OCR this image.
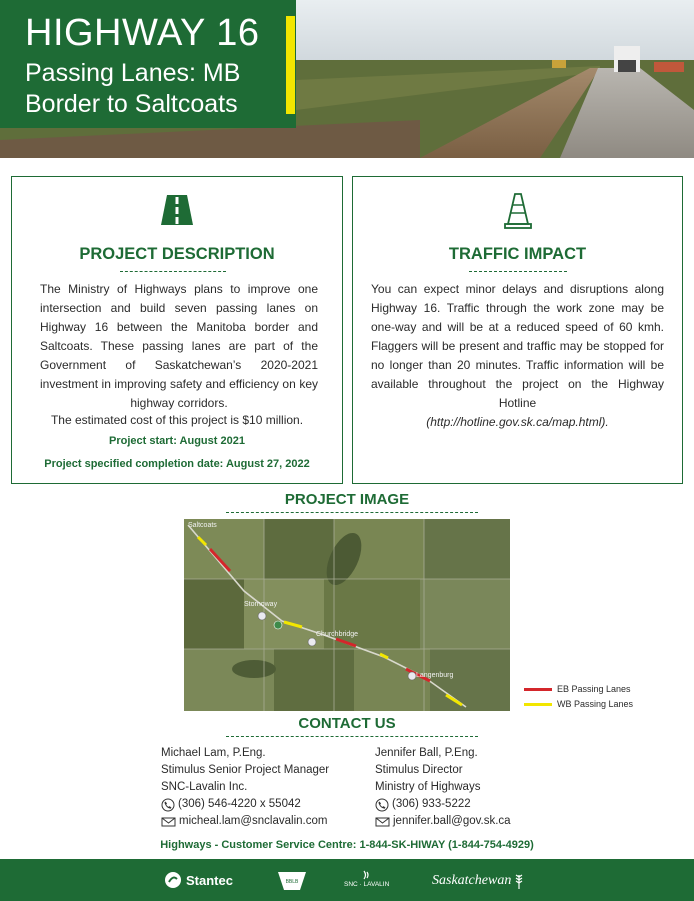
HIGHWAY 16
Passing Lanes: MB Border to Saltcoats
PROJECT DESCRIPTION
The Ministry of Highways plans to improve one intersection and build seven passing lanes on Highway 16 between the Manitoba border and Saltcoats. These passing lanes are part of the Government of Saskatchewan’s 2020-2021 investment in improving safety and efficiency on key highway corridors.
The estimated cost of this project is $10 million.
Project start: August 2021
Project specified completion date: August 27, 2022
TRAFFIC IMPACT
You can expect minor delays and disruptions along Highway 16. Traffic through the work zone may be one-way and will be at a reduced speed of 60 kmh. Flaggers will be present and traffic may be stopped for no longer than 20 minutes. Traffic information will be available throughout the project on the Highway Hotline
(http://hotline.gov.sk.ca/map.html).
PROJECT IMAGE
Saltcoats
Stornoway
Churchbridge
Langenburg
EB Passing Lanes
WB Passing Lanes
CONTACT US
Michael Lam, P.Eng.
Stimulus Senior Project Manager
SNC-Lavalin Inc.
(306) 546-4220 x 55042
micheal.lam@snclavalin.com
Jennifer Ball, P.Eng.
Stimulus Director
Ministry of Highways
(306) 933-5222
jennifer.ball@gov.sk.ca
Highways - Customer Service Centre: 1-844-SK-HIWAY (1-844-754-4929)
Stantec	BBLB	SNC · LAVALIN	Saskatchewan
